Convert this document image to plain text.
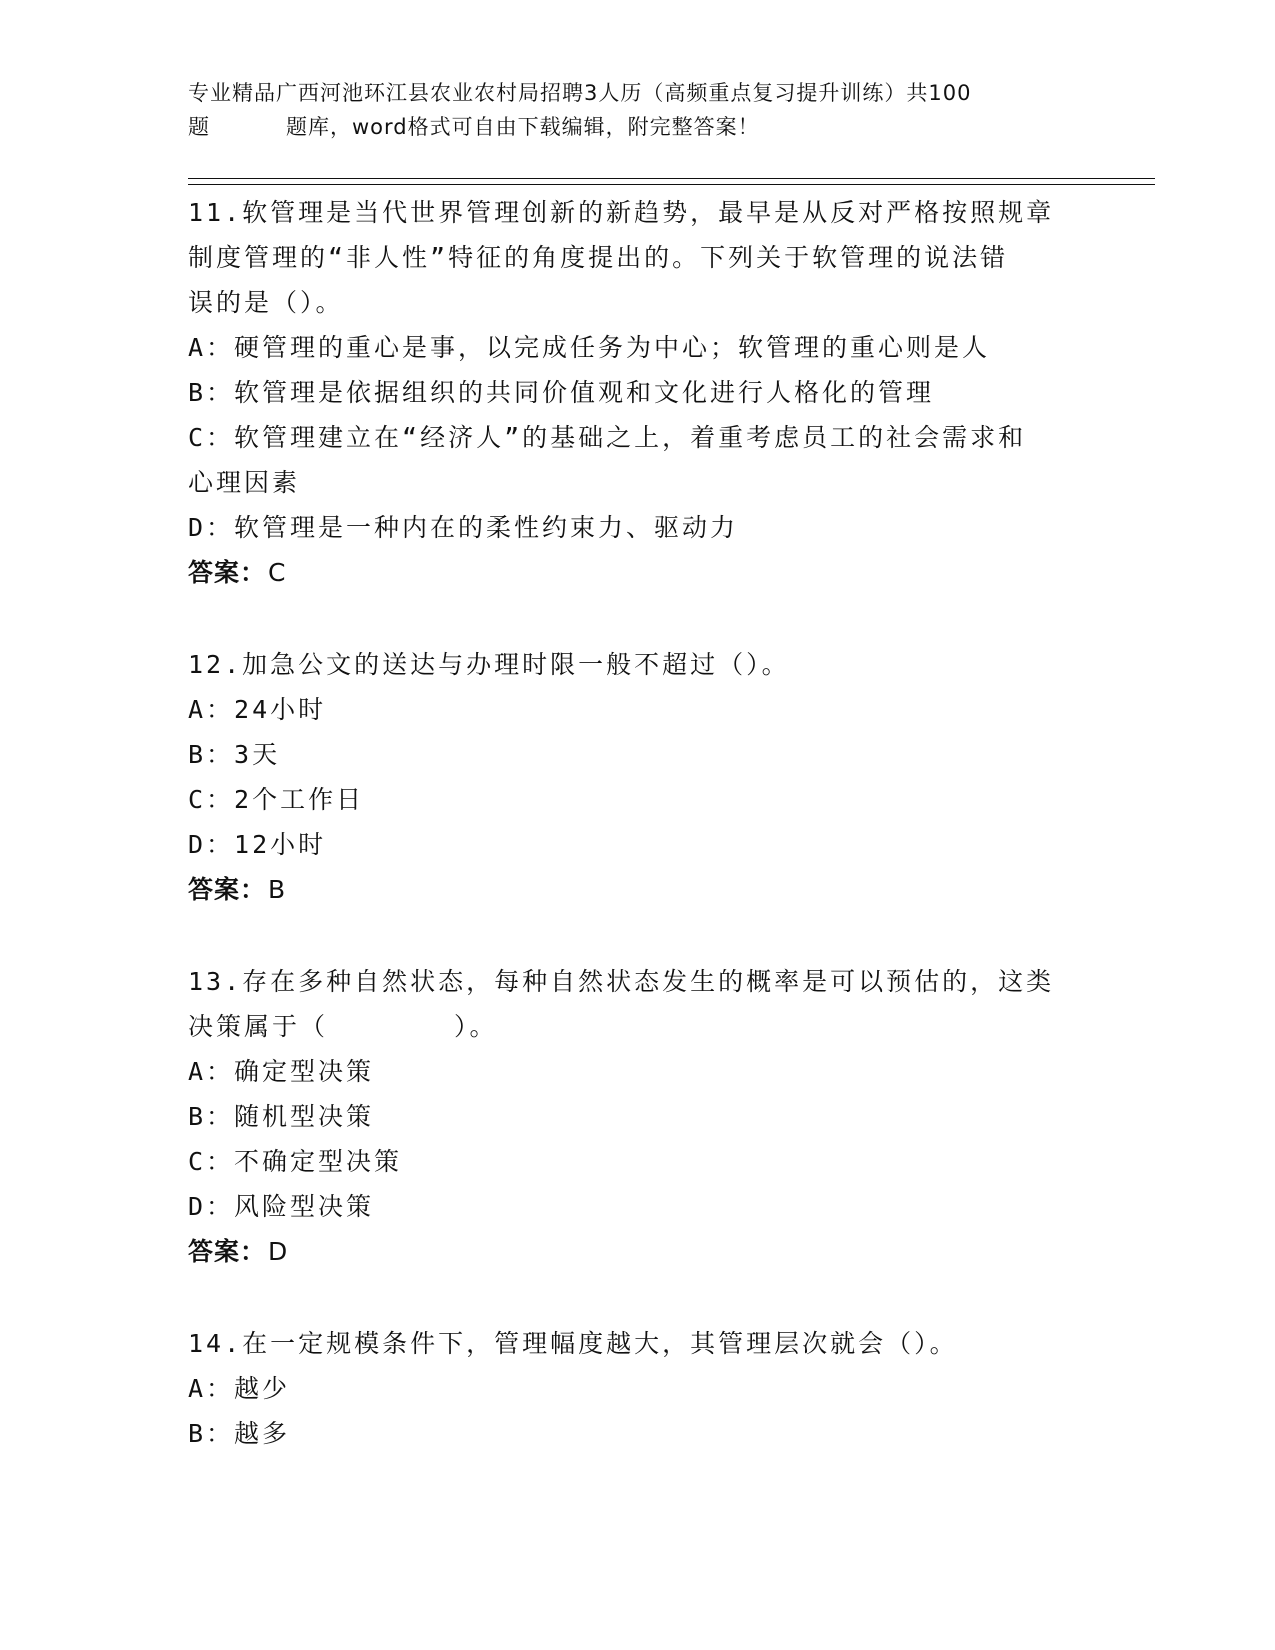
专业精品广西河池环江县农业农村局招聘3人历（高频重点复习提升训练）共100
题	题库，word格式可自由下载编辑，附完整答案！

11.软管理是当代世界管理创新的新趋势，最早是从反对严格按照规章

制度管理的“非人性”特征的角度提出的。下列关于软管理的说法错

误的是（）。

A：硬管理的重心是事，以完成任务为中心；软管理的重心则是人

B：软管理是依据组织的共同价值观和文化进行人格化的管理

C：软管理建立在“经济人”的基础之上，着重考虑员工的社会需求和

心理因素

D：软管理是一种内在的柔性约束力、驱动力

答案：C

12.加急公文的送达与办理时限一般不超过（）。

A：24小时

B：3天

C：2个工作日

D：12小时

答案：B

13.存在多种自然状态，每种自然状态发生的概率是可以预估的，这类

决策属于（	）。

A：确定型决策

B：随机型决策

C：不确定型决策

D：风险型决策

答案：D

14.在一定规模条件下，管理幅度越大，其管理层次就会（）。

A：越少

B：越多
